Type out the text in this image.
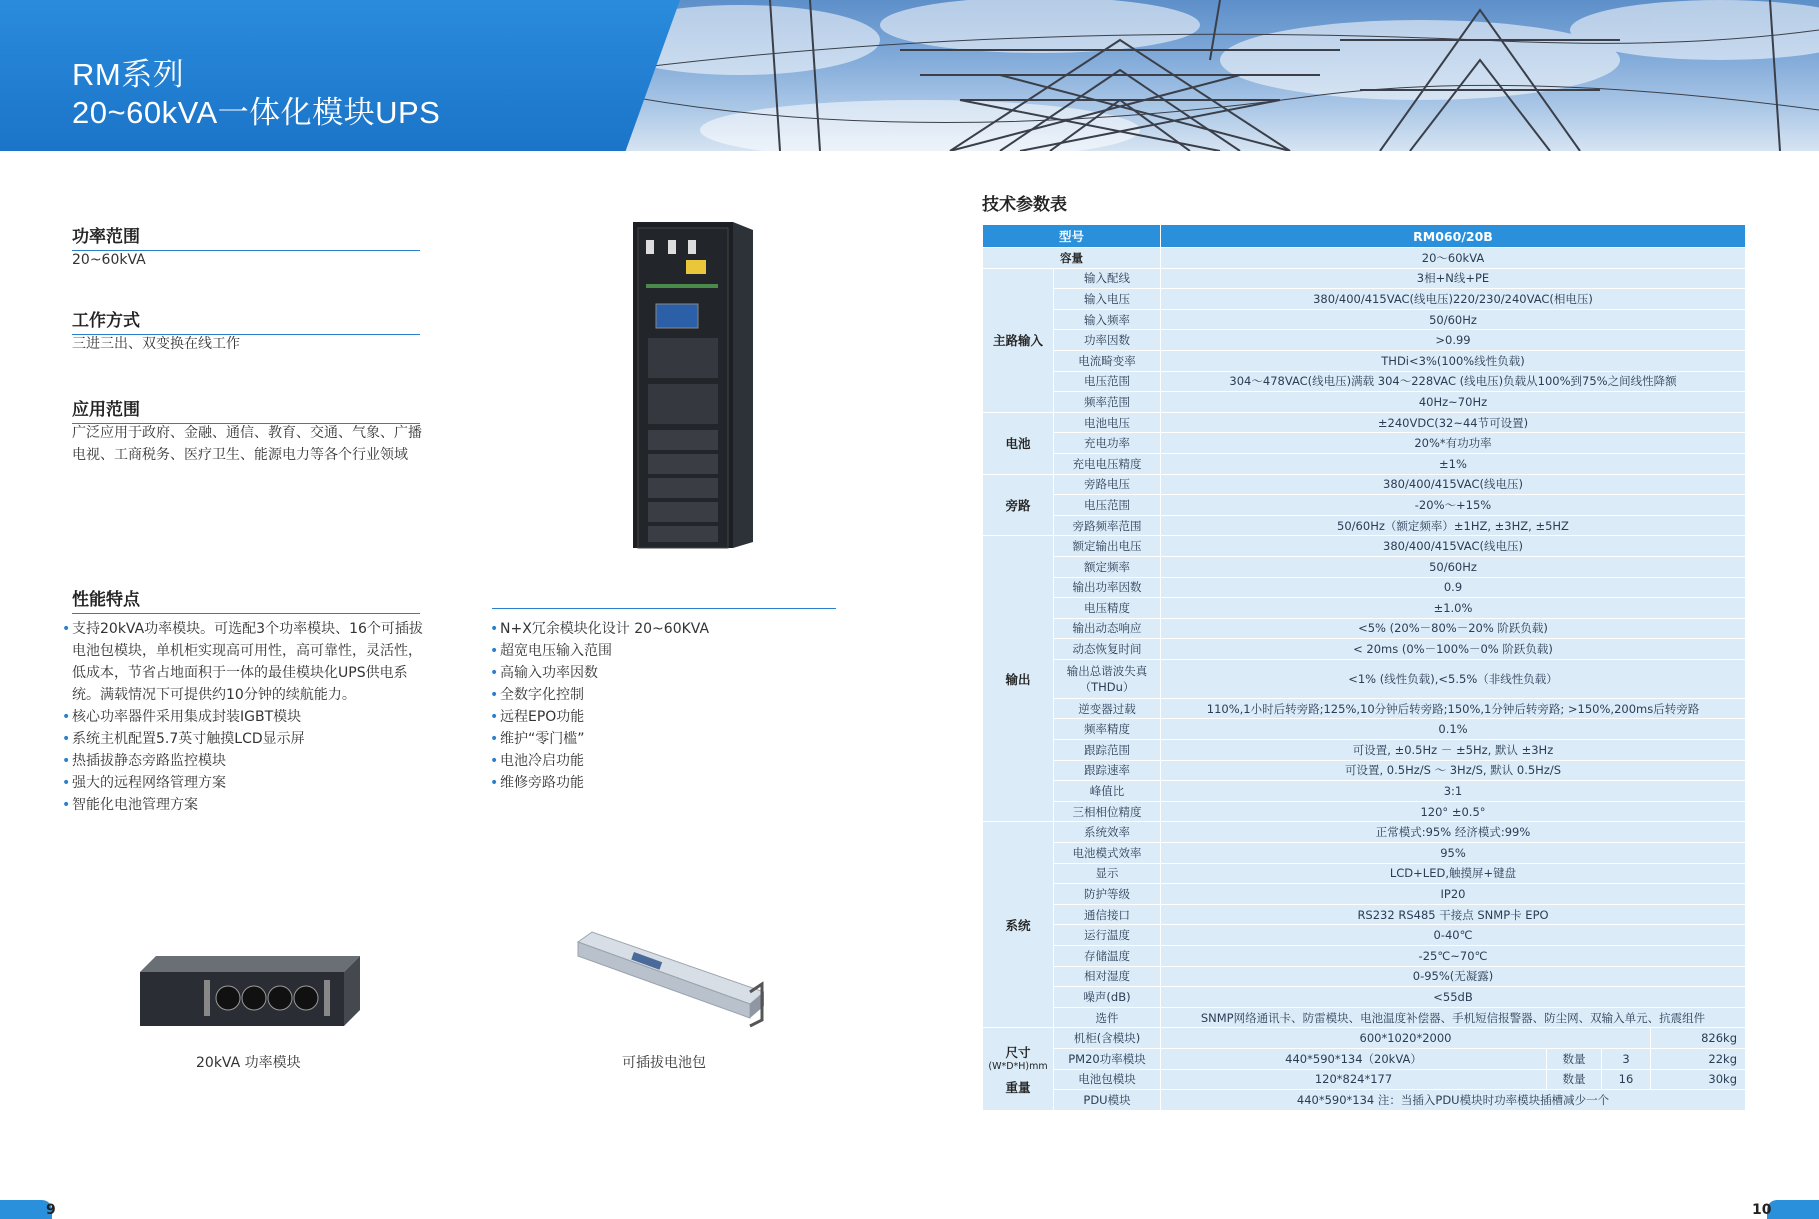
RM系列
20~60kVA一体化模块UPS
功率范围
20~60kVA
工作方式
三进三出、双变换在线工作
应用范围
广泛应用于政府、金融、通信、教育、交通、气象、广播电视、工商税务、医疗卫生、能源电力等各个行业领域
性能特点
• 支持20kVA功率模块。可选配3个功率模块、16个可插拔电池包模块，单机柜实现高可用性，高可靠性，灵活性，低成本，节省占地面积于一体的最佳模块化UPS供电系统。满载情况下可提供约10分钟的续航能力。
• 核心功率器件采用集成封装IGBT模块
• 系统主机配置5.7英寸触摸LCD显示屏
• 热插拔静态旁路监控模块
• 强大的远程网络管理方案
• 智能化电池管理方案
• N+X冗余模块化设计 20~60KVA
• 超宽电压输入范围
• 高输入功率因数
• 全数字化控制
• 远程EPO功能
• 维护“零门槛”
• 电池冷启功能
• 维修旁路功能
20kVA 功率模块	可插拔电池包
9	10
技术参数表
型号		RM060/20B			
容量		20～60kVA			
主路输入	输入配线	3相+N线+PE			
	输入电压	380/400/415VAC(线电压)220/230/240VAC(相电压)			
	输入频率	50/60Hz			
	功率因数	>0.99			
	电流畸变率	THDi<3%(100%线性负载)			
	电压范围	304～478VAC(线电压)满载 304～228VAC (线电压)负载从100%到75%之间线性降额			
	频率范围	40Hz~70Hz			
电池	电池电压	±240VDC(32~44节可设置)			
	充电功率	20%*有功功率			
	充电电压精度	±1%			
旁路	旁路电压	380/400/415VAC(线电压)			
	电压范围	-20%～+15%			
	旁路频率范围	50/60Hz（额定频率）±1HZ, ±3HZ, ±5HZ			
输出	额定输出电压	380/400/415VAC(线电压)			
	额定频率	50/60Hz			
	输出功率因数	0.9			
	电压精度	±1.0%			
	输出动态响应	<5% (20%－80%－20% 阶跃负载)			
	动态恢复时间	< 20ms (0%－100%－0% 阶跃负载)			
	输出总谐波失真（THDu）	<1% (线性负载),<5.5%（非线性负载）			
	逆变器过载	110%,1小时后转旁路;125%,10分钟后转旁路;150%,1分钟后转旁路; >150%,200ms后转旁路			
	频率精度	0.1%			
	跟踪范围	可设置, ±0.5Hz － ±5Hz, 默认 ±3Hz			
	跟踪速率	可设置, 0.5Hz/S ～ 3Hz/S, 默认 0.5Hz/S			
	峰值比	3:1			
	三相相位精度	120° ±0.5°			
系统	系统效率	正常模式:95% 经济模式:99%			
	电池模式效率	95%			
	显示	LCD+LED,触摸屏+键盘			
	防护等级	IP20			
	通信接口	RS232 RS485 干接点 SNMP卡 EPO			
	运行温度	0-40℃			
	存储温度	-25℃~70℃			
	相对湿度	0-95%(无凝露)			
	噪声(dB)	<55dB			
	选件	SNMP网络通讯卡、防雷模块、电池温度补偿器、手机短信报警器、防尘网、双输入单元、抗震组件			

尺寸
(W*D*H)mm
重量	机柜(含模块)	600*1020*2000			826kg
	PM20功率模块	440*590*134（20kVA）	数量	3	22kg
	电池包模块	120*824*177	数量	16	30kg
	PDU模块	440*590*134 注：当插入PDU模块时功率模块插槽减少一个			
